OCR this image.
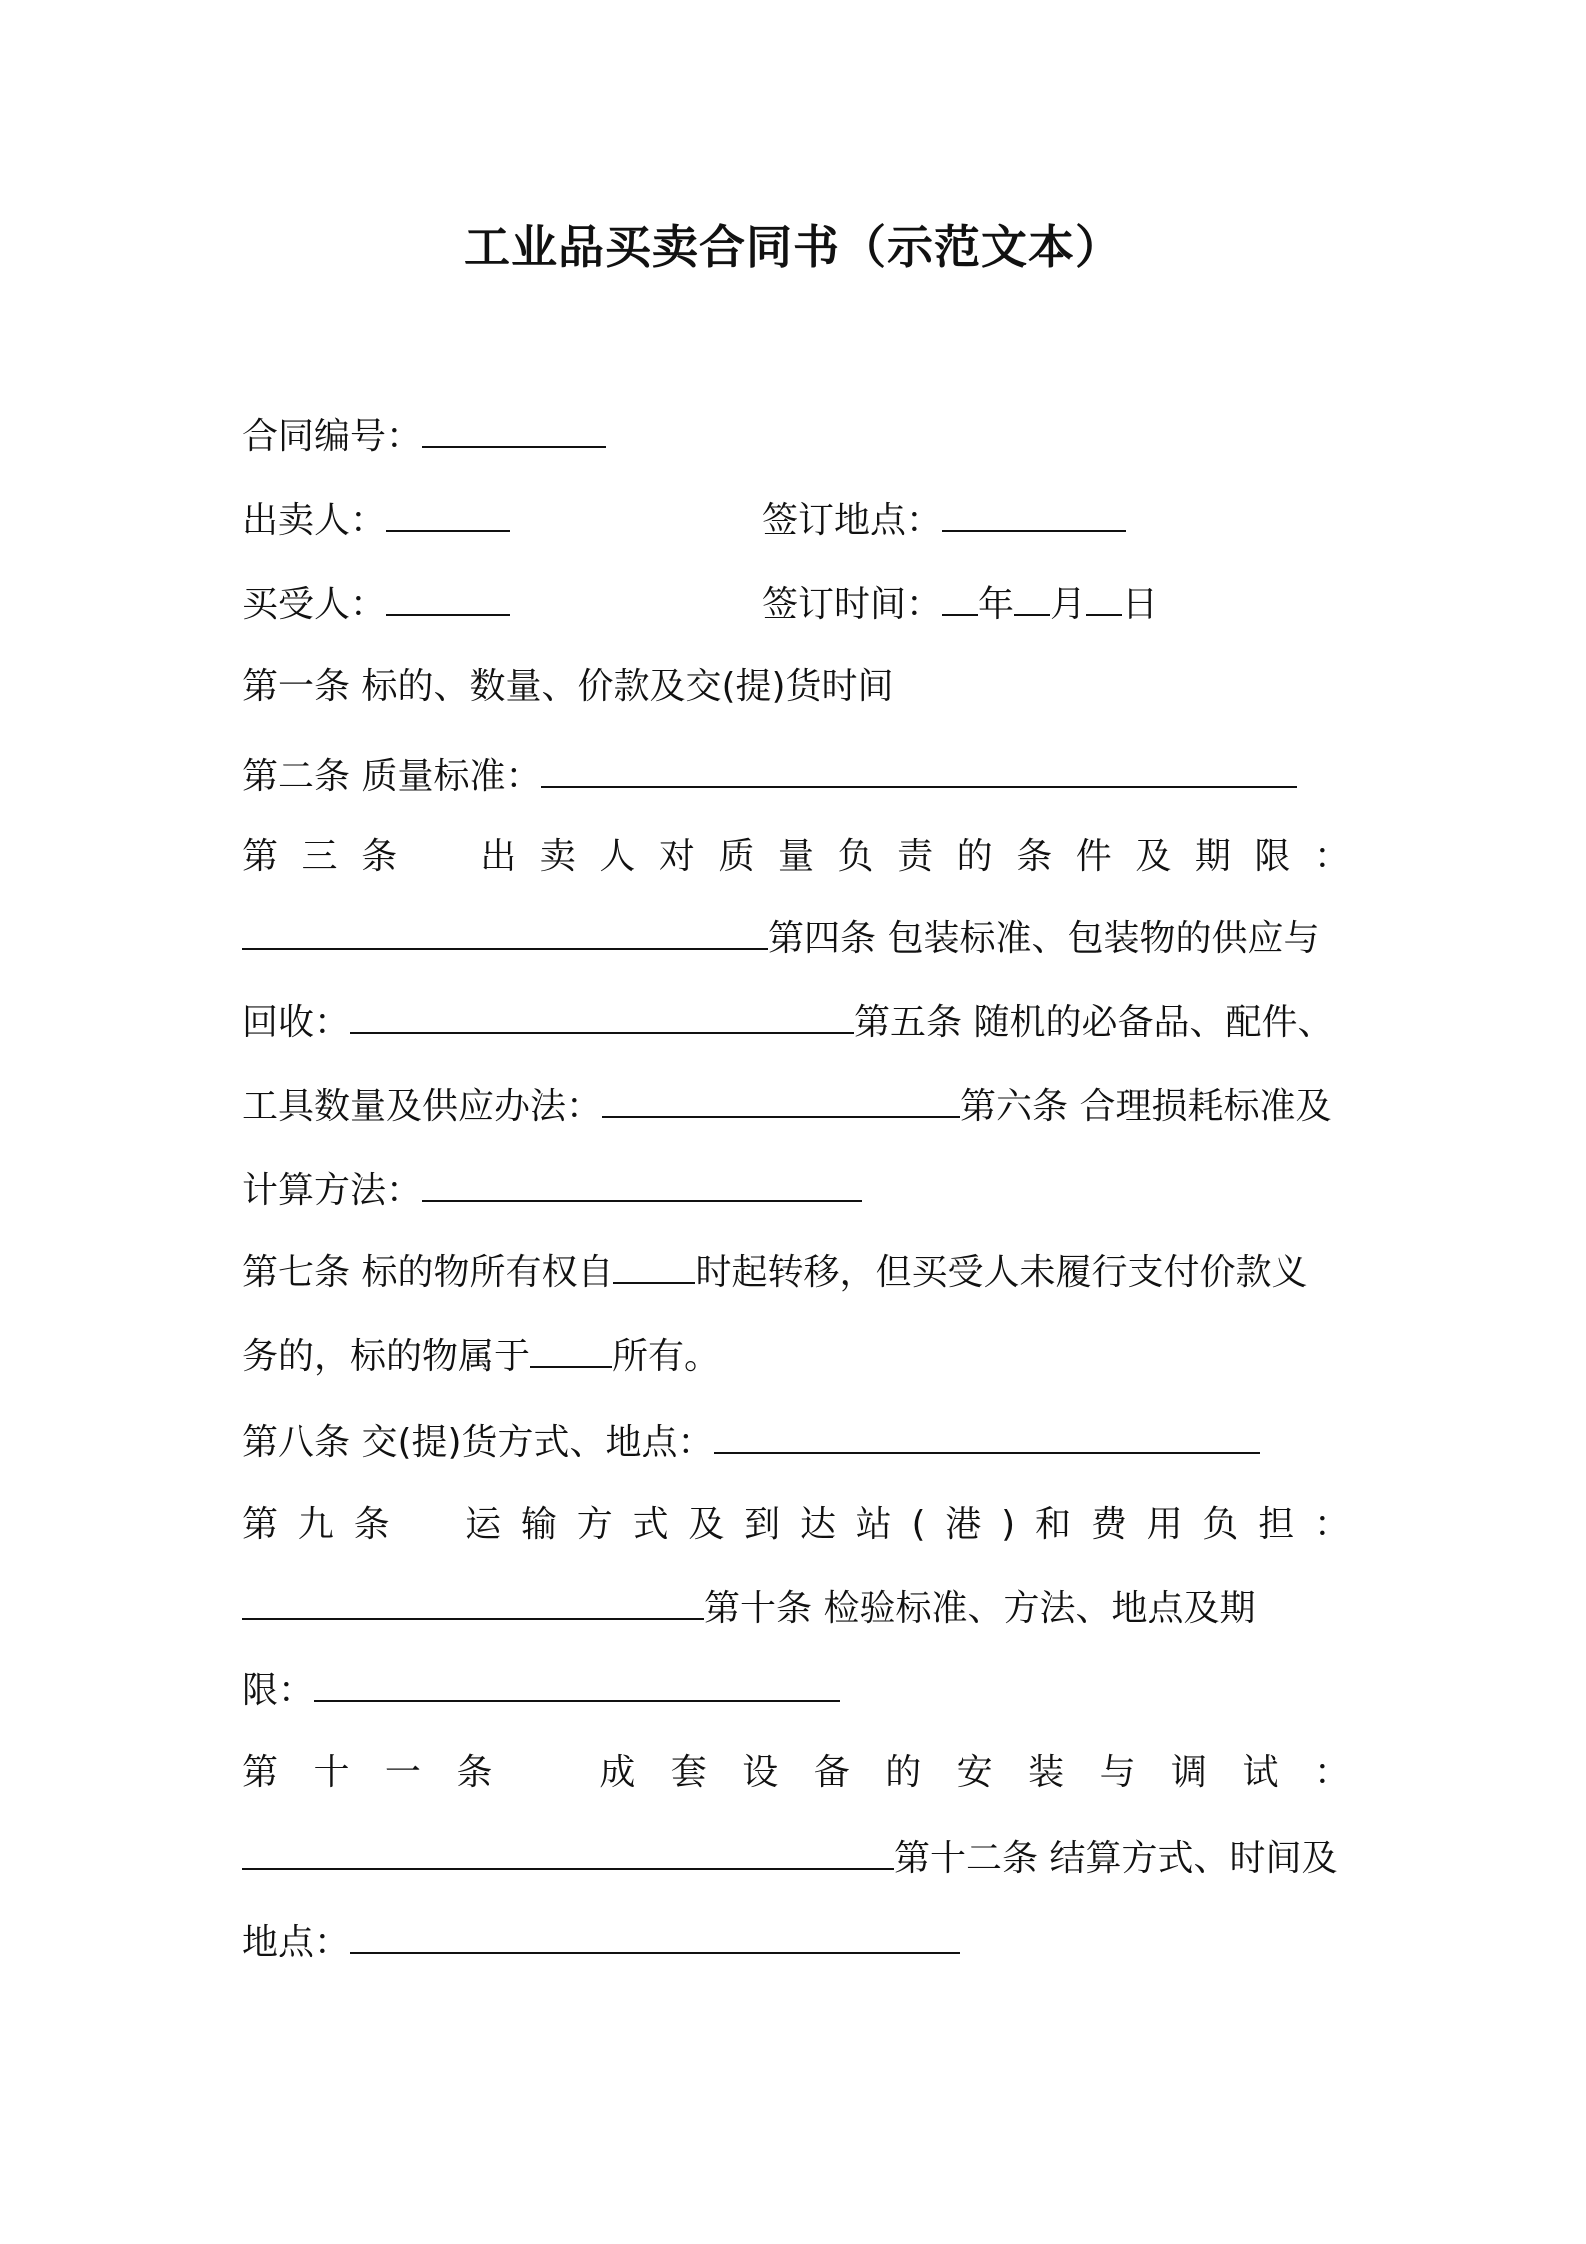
工业品买卖合同书（示范文本）
合同编号：
出卖人：	签订地点：
买受人：	签订时间： 年 月 日
第一条 标的、数量、价款及交(提)货时间
第二条 质量标准：
第三条　出卖人对质量负责的条件及期限：
第四条 包装标准、包装物的供应与
回收：	第五条 随机的必备品、配件、
工具数量及供应办法：	第六条 合理损耗标准及
计算方法：
第七条 标的物所有权自 时起转移，但买受人未履行支付价款义
务的，标的物属于 所有。
第八条 交(提)货方式、地点：
第九条　运输方式及到达站(港)和费用负担：
第十条 检验标准、方法、地点及期
限：
第十一条　成套设备的安装与调试：
第十二条 结算方式、时间及
地点：
